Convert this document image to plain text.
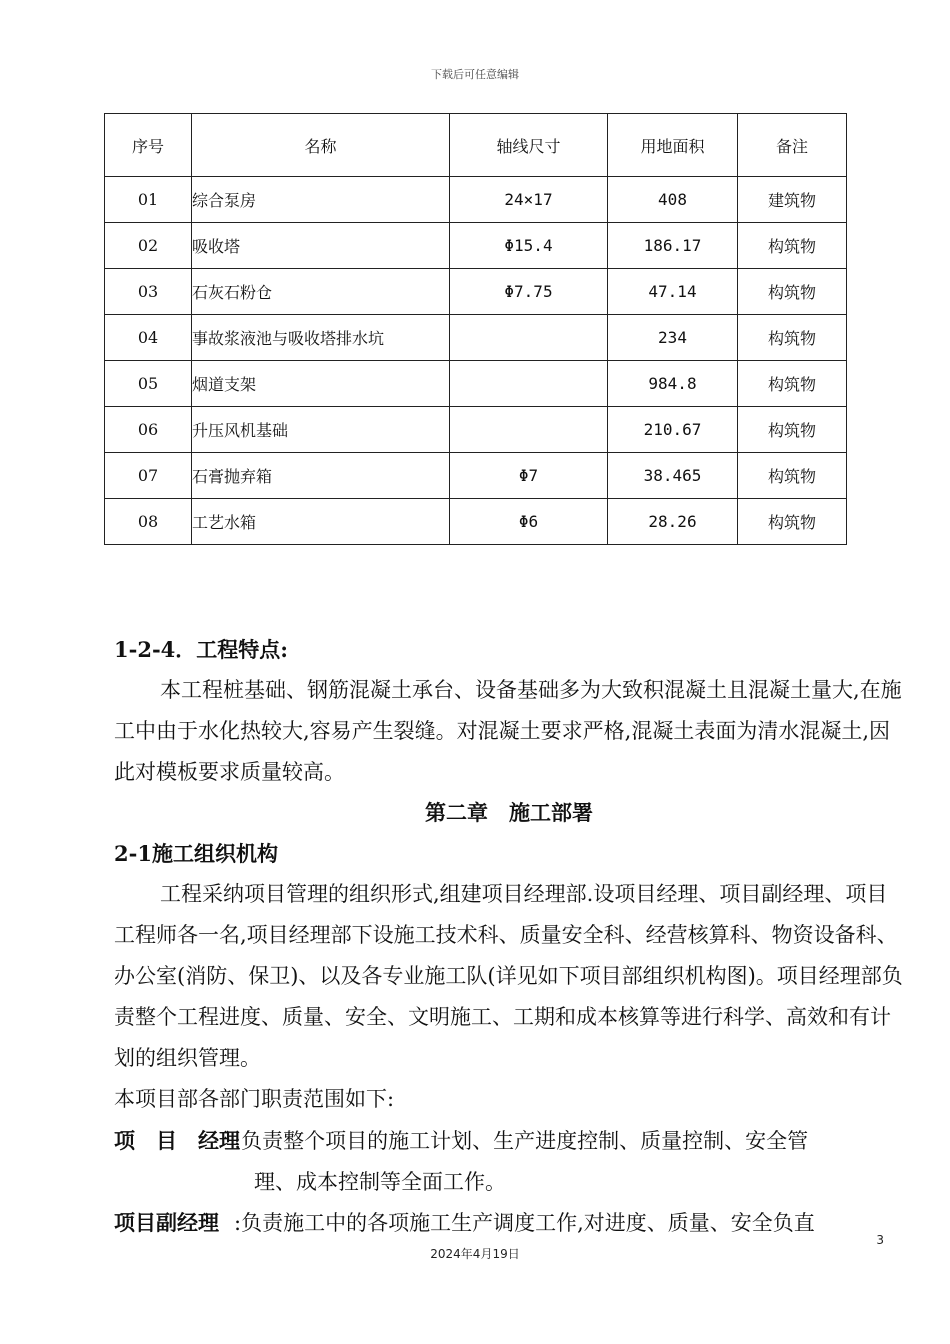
下载后可任意编辑
序号	名称	轴线尺寸	用地面积	备注
01	综合泵房	24×17	408	建筑物
02	吸收塔	Φ15.4	186.17	构筑物
03	石灰石粉仓	Φ7.75	47.14	构筑物
04	事故浆液池与吸收塔排水坑		234	构筑物
05	烟道支架		984.8	构筑物
06	升压风机基础		210.67	构筑物
07	石膏抛弃箱	Φ7	38.465	构筑物
08	工艺水箱	Φ6	28.26	构筑物
1-2-4．工程特点:
本工程桩基础、钢筋混凝土承台、设备基础多为大致积混凝土且混凝土量大,在施工中由于水化热较大,容易产生裂缝。对混凝土要求严格,混凝土表面为清水混凝土,因此对模板要求质量较高。
第二章　施工部署
2-1施工组织机构
工程采纳项目管理的组织形式,组建项目经理部.设项目经理、项目副经理、项目工程师各一名,项目经理部下设施工技术科、质量安全科、经营核算科、物资设备科、办公室(消防、保卫)、以及各专业施工队(详见如下项目部组织机构图)。项目经理部负责整个工程进度、质量、安全、文明施工、工期和成本核算等进行科学、高效和有计划的组织管理。
本项目部各部门职责范围如下:
项　目　经理:负责整个项目的施工计划、生产进度控制、质量控制、安全管
理、成本控制等全面工作。
项目副经理 :负责施工中的各项施工生产调度工作,对进度、质量、安全负直
3
2024年4月19日
